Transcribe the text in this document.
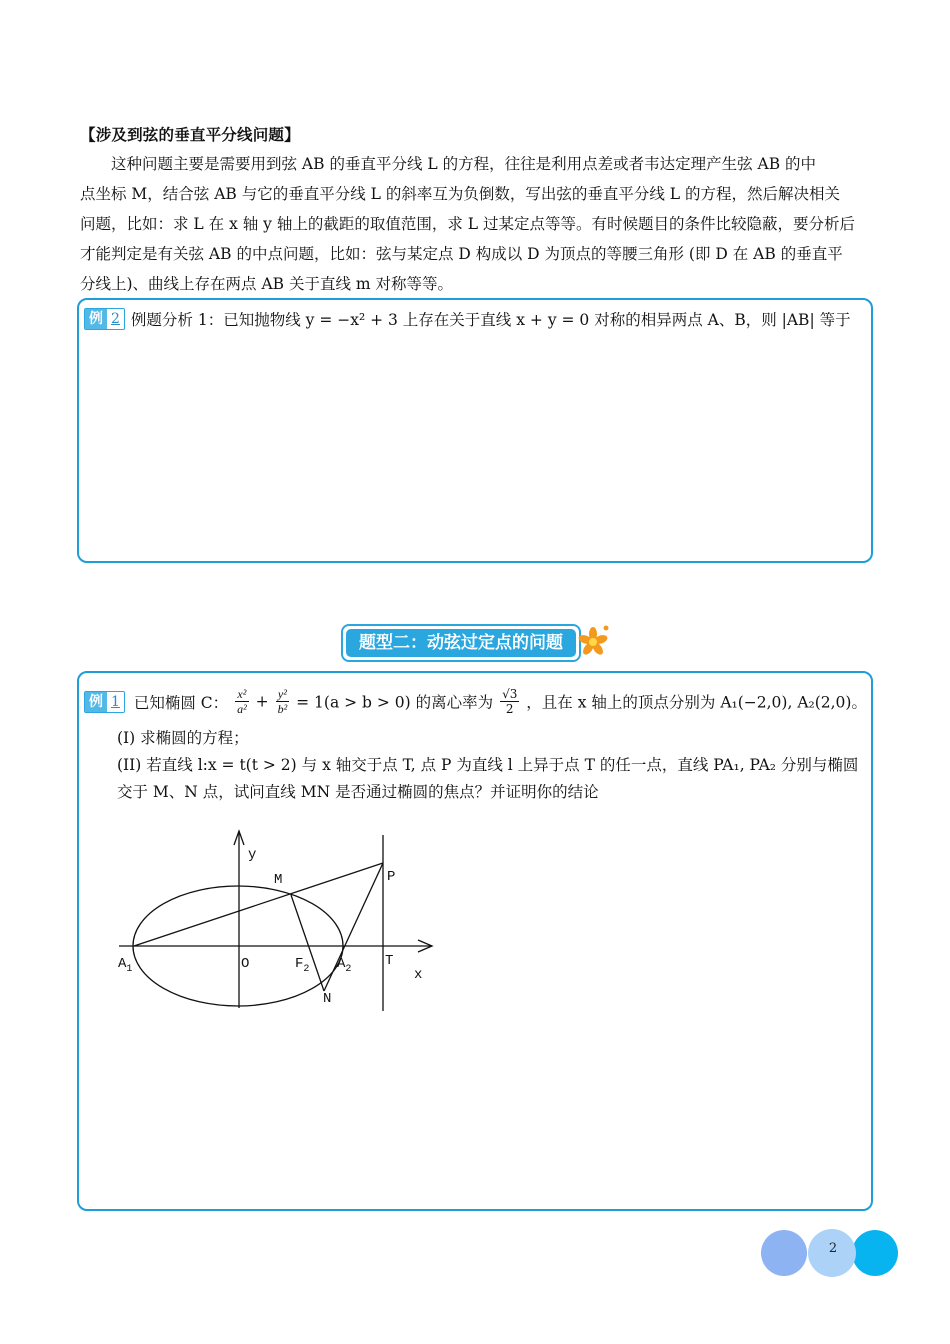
【涉及到弦的垂直平分线问题】

这种问题主要是需要用到弦 AB 的垂直平分线 L 的方程，往往是利用点差或者韦达定理产生弦 AB 的中

点坐标 M，结合弦 AB 与它的垂直平分线 L 的斜率互为负倒数，写出弦的垂直平分线 L 的方程，然后解决相关
问题，比如：求 L 在 x 轴 y 轴上的截距的取值范围，求 L 过某定点等等。有时候题目的条件比较隐蔽，要分析后
才能判定是有关弦 AB 的中点问题，比如：弦与某定点 D 构成以 D 为顶点的等腰三角形 (即 D 在 AB 的垂直平
分线上)、曲线上存在两点 AB 关于直线 m 对称等等。
例 2 例题分析 1：已知抛物线 y = −x² + 3 上存在关于直线 x + y = 0 对称的相异两点 A、B，则 |AB| 等于
题型二：动弦过定点的问题
例 1 已知椭圆 C： $\frac{\text{x²}}{\text{a²}} + \frac{\text{y²}}{\text{b²}} = 1(a > b > 0)$ 的离心率为 $\frac{√3}{2}$ ，且在 x 轴上的顶点分别为 A₁(−2,0), A₂(2,0)。
(I) 求椭圆的方程；
(II) 若直线 l:x = t(t > 2) 与 x 轴交于点 T, 点 P 为直线 l 上异于点 T 的任一点，直线 PA₁, PA₂ 分别与椭圆
交于 M、N 点，试问直线 MN 是否通过椭圆的焦点？并证明你的结论
y
M	P
$A_1$	O	$F_2$ $A_2$
T
x
N
2
